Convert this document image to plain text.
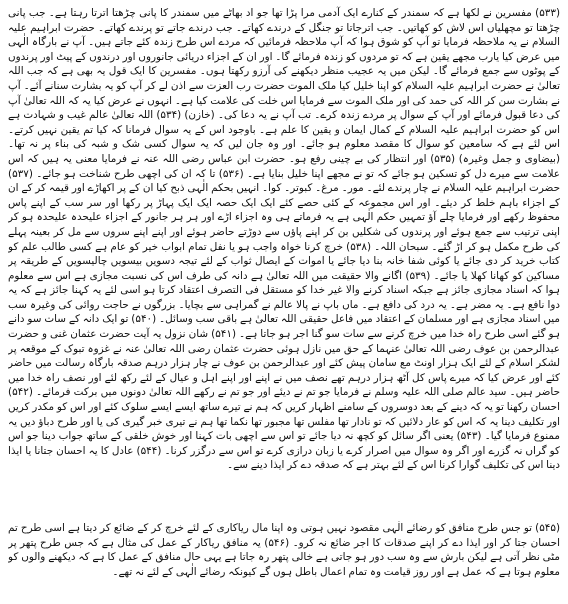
(۵۳۳) مفسرین نے لکھا ہے کہ سمندر کے کنارے ایک آدمی مرا پڑا تھا جو اد بھاٹے میں سمندر کا پانی چڑھتا اترتا رہتا ہے۔ جب پانی چڑھتا تو مچھلیاں اس لاش کو کھاتیں۔ جب اترجاتا تو جنگل کے درندے کھاتے۔ جب درندے جاتے تو پرندے کھاتے۔ حضرت ابراہیم علیہ السلام نے یہ ملاحظہ فرمایا تو آپ کو شوق ہوا کہ آپ ملاحظہ فرمائیں کہ مردے اس طرح زندہ کئے جاتے ہیں۔ آپ نے بارگاہ الٰہی میں عرض کیا یارب مجھے یقین ہے کہ تو مردوں کو زندہ فرمائے گا۔ اور ان کے اجزاء دریائی جانوروں اور درندوں کے پیٹ اور پرندوں کے پوٹوں سے جمع فرمائے گا۔ لیکن میں یہ عجیب منظر دیکھنے کی آرزو رکھتا ہوں۔ مفسرین کا ایک قول یہ بھی ہے کہ جب اللہ تعالیٰ نے حضرت ابراہیم علیہ السلام کو اپنا خلیل کیا ملک الموت حضرت رب العزت سے اذن لے کر آپ کو یہ بشارت سنانے آئے۔ آپ نے بشارت سن کر اللہ کی حمد کی اور ملک الموت سے فرمایا اس خلت کی علامت کیا ہے۔ انہوں نے عرض کیا یہ کہ اللہ تعالیٰ آپ کی دعا قبول فرمائے اور آپ کے سوال پر مردے زندہ کرے۔ تب آپ نے یہ دعا کی۔ (خازن) (۵۳۴) اللہ تعالیٰ عالم غیب و شہادت ہے اس کو حضرت ابراہیم علیہ السلام کے کمال ایمان و یقین کا علم ہے۔ باوجود اس کے یہ سوال فرمانا کہ کیا تم یقین نہیں کرتے۔ اس لئے ہے کہ سامعین کو سوال کا مقصد معلوم ہو جائے۔ اور وہ جان لیں کہ یہ سوال کسی شک و شبہ کی بناء پر نہ تھا۔ (بیضاوی و جمل وغیرہ) (۵۳۵) اور انتظار کی بے چینی رفع ہو۔ حضرت ابن عباس رضی اللہ عنہ نے فرمایا معنی یہ ہیں کہ اس علامت سے میرے دل کو تسکین ہو جائے کہ تو نے مجھے اپنا خلیل بنایا ہے۔ (۵۳۶) تا کہ ان کی اچھی طرح شناخت ہو جائے۔ (۵۳۷) حضرت ابراہیم علیہ السلام نے چار پرندے لئے۔ مور۔ مرغ۔ کبوتر۔ کوا۔ انہیں بحکم الٰہی ذبح کیا ان کے پر اکھاڑے اور قیمہ کر کے ان کے اجزاء باہم خلط کر دیئے۔ اور اس مجموعہ کے کئی حصے کئے ایک ایک حصہ ایک ایک پہاڑ پر رکھا اور سر سب کے اپنے پاس محفوظ رکھے اور فرمایا چلے آؤ تمہیں حکم الٰہی ہے یہ فرماتے ہی وہ اجزاء اڑے اور ہر ہر جانور کے اجزاء علیحدہ علیحدہ ہو کر اپنی ترتیب سے جمع ہوئے اور پرندوں کی شکلیں بن کر اپنے پاؤں سے دوڑتے حاضر ہوئے اور اپنے اپنے سروں سے مل کر بعینہ پہلے کی طرح مکمل ہو کر اڑ گئے۔ سبحان اللہ۔ (۵۳۸) خرچ کرنا خواہ واجب ہو یا نفل تمام ابواب خیر کو عام ہے کسی طالب علم کو کتاب خرید کر دی جائے یا کوئی شفا خانہ بنا دیا جائے یا اموات کے ایصال ثواب کے لئے تیجہ دسویں بیسویں چالیسویں کے طریقہ پر مساکین کو کھانا کھلا یا جائے۔ (۵۳۹) اگانے والا حقیقت میں اللہ تعالیٰ ہے دانہ کی طرف اس کی نسبت مجازی ہے اس سے معلوم ہوا کہ اسناد مجازی جائز ہے جبکہ اسناد کرنے والا غیر خدا کو مستقل فی التصرف اعتقاد کرتا ہو اسی لئے یہ کہنا جائز ہے کہ یہ دوا نافع ہے۔ یہ مضر ہے۔ یہ درد کی دافع ہے۔ ماں باپ نے پالا عالم نے گمراہی سے بچایا۔ بزرگوں نے حاجت روائی کی وغیرہ سب میں اسناد مجازی ہے اور مسلمان کے اعتقاد میں فاعل حقیقی اللہ تعالیٰ ہے باقی سب وسائل۔ (۵۴۰) تو ایک دانہ کے سات سو دانے ہو گئے اسی طرح راہ خدا میں خرچ کرنے سے سات سو گنا اجر ہو جاتا ہے۔ (۵۴۱) شان نزول یہ آیت حضرت عثمان غنی و حضرت عبدالرحمن بن عوف رضی اللہ تعالیٰ عنہما کے حق میں نازل ہوئی حضرت عثمان رضی اللہ تعالیٰ عنہ نے غزوہ تبوک کے موقعہ پر لشکر اسلام کے لئے ایک ہزار اونٹ مع سامان پیش کئے اور عبدالرحمن بن عوف نے چار ہزار درہم صدقہ بارگاہ رسالت میں حاضر کئے اور عرض کیا کہ میرے پاس کل آٹھ ہزار درہم تھے نصف میں نے اپنے اور اپنے اہل و عیال کے لئے رکھ لئے اور نصف راہ خدا میں حاضر ہیں۔ سید عالم صلی اللہ علیہ وسلم نے فرمایا جو تم نے دیئے اور جو تم نے رکھے اللہ تعالیٰ دونوں میں برکت فرمائے۔ (۵۴۲) احسان رکھنا تو یہ کہ دینے کے بعد دوسروں کے سامنے اظہار کریں کہ ہم نے تیرے ساتھ ایسے ایسے سلوک کئے اور اس کو مکدر کریں اور تکلیف دینا یہ کہ اس کو عار دلائیں کہ تو نادار تھا مفلس تھا مجبور تھا نکما تھا ہم نے تیری خبر گیری کی یا اور طرح دباؤ دیں یہ ممنوع فرمایا گیا۔ (۵۴۳) یعنی اگر سائل کو کچھ نہ دیا جائے تو اس سے اچھی بات کہنا اور خوش خلقی کے ساتھ جواب دینا جو اس کو گراں نہ گزرے اور اگر وہ سوال میں اصرار کرے یا زبان درازی کرے تو اس سے درگزر کرنا۔ (۵۴۴) عادل کا یہ احسان جتانا یا ایذا دینا اس کی تکلیف گوارا کرنا اس کے لئے بہتر ہے کہ صدقہ دے کر ایذا دینے سے۔

(۵۴۵) تو جس طرح منافق کو رضائے الٰہی مقصود نہیں ہوتی وہ اپنا مال ریاکاری کے لئے خرچ کر کے ضائع کر دیتا ہے اسی طرح تم احسان جتا کر اور ایذا دے کر اپنے صدقات کا اجر ضائع نہ کرو۔ (۵۴۶) یہ منافق ریاکار کے عمل کی مثال ہے کہ جس طرح پتھر پر مٹی نظر آتی ہے لیکن بارش سے وہ سب دور ہو جاتی ہے خالی پتھر رہ جاتا ہے یہی حال منافق کے عمل کا ہے کہ دیکھنے والوں کو معلوم ہوتا ہے کہ عمل ہے اور روز قیامت وہ تمام اعمال باطل ہوں گے کیونکہ رضائے الٰہی کے لئے نہ تھے۔
